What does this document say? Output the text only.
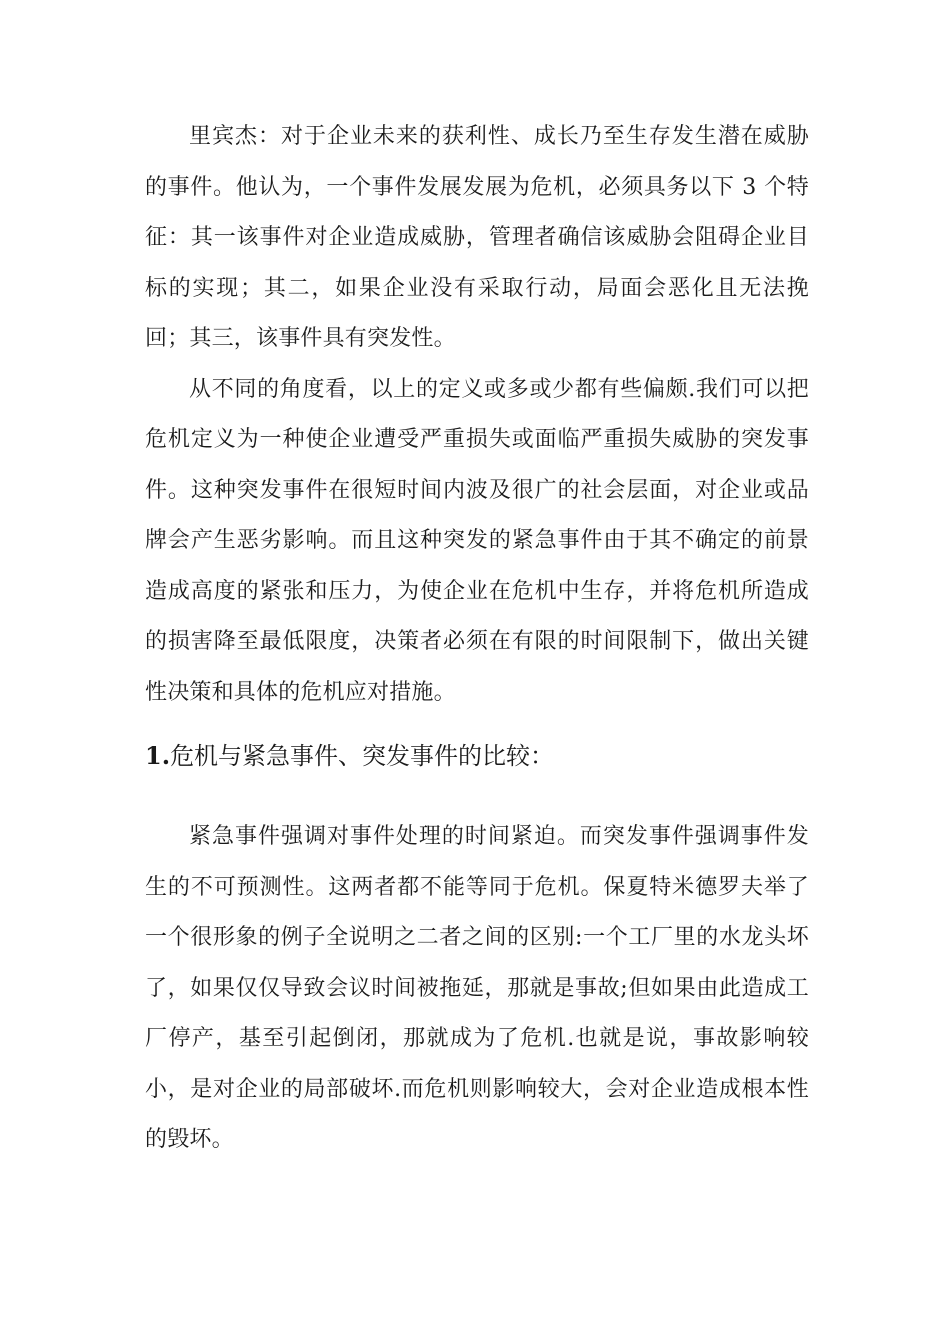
里宾杰：对于企业未来的获利性、成长乃至生存发生潜在威胁的事件。他认为，一个事件发展发展为危机，必须具务以下 3 个特征：其一该事件对企业造成威胁，管理者确信该威胁会阻碍企业目标的实现；其二，如果企业没有采取行动，局面会恶化且无法挽回；其三，该事件具有突发性。

从不同的角度看，以上的定义或多或少都有些偏颇.我们可以把危机定义为一种使企业遭受严重损失或面临严重损失威胁的突发事件。这种突发事件在很短时间内波及很广的社会层面，对企业或品牌会产生恶劣影响。而且这种突发的紧急事件由于其不确定的前景造成高度的紧张和压力，为使企业在危机中生存，并将危机所造成的损害降至最低限度，决策者必须在有限的时间限制下，做出关键性决策和具体的危机应对措施。

1.危机与紧急事件、突发事件的比较：

紧急事件强调对事件处理的时间紧迫。而突发事件强调事件发生的不可预测性。这两者都不能等同于危机。保夏特米德罗夫举了一个很形象的例子全说明之二者之间的区别:一个工厂里的水龙头坏了，如果仅仅导致会议时间被拖延，那就是事故;但如果由此造成工厂停产，基至引起倒闭，那就成为了危机.也就是说，事故影响较小，是对企业的局部破坏.而危机则影响较大，会对企业造成根本性的毁坏。
